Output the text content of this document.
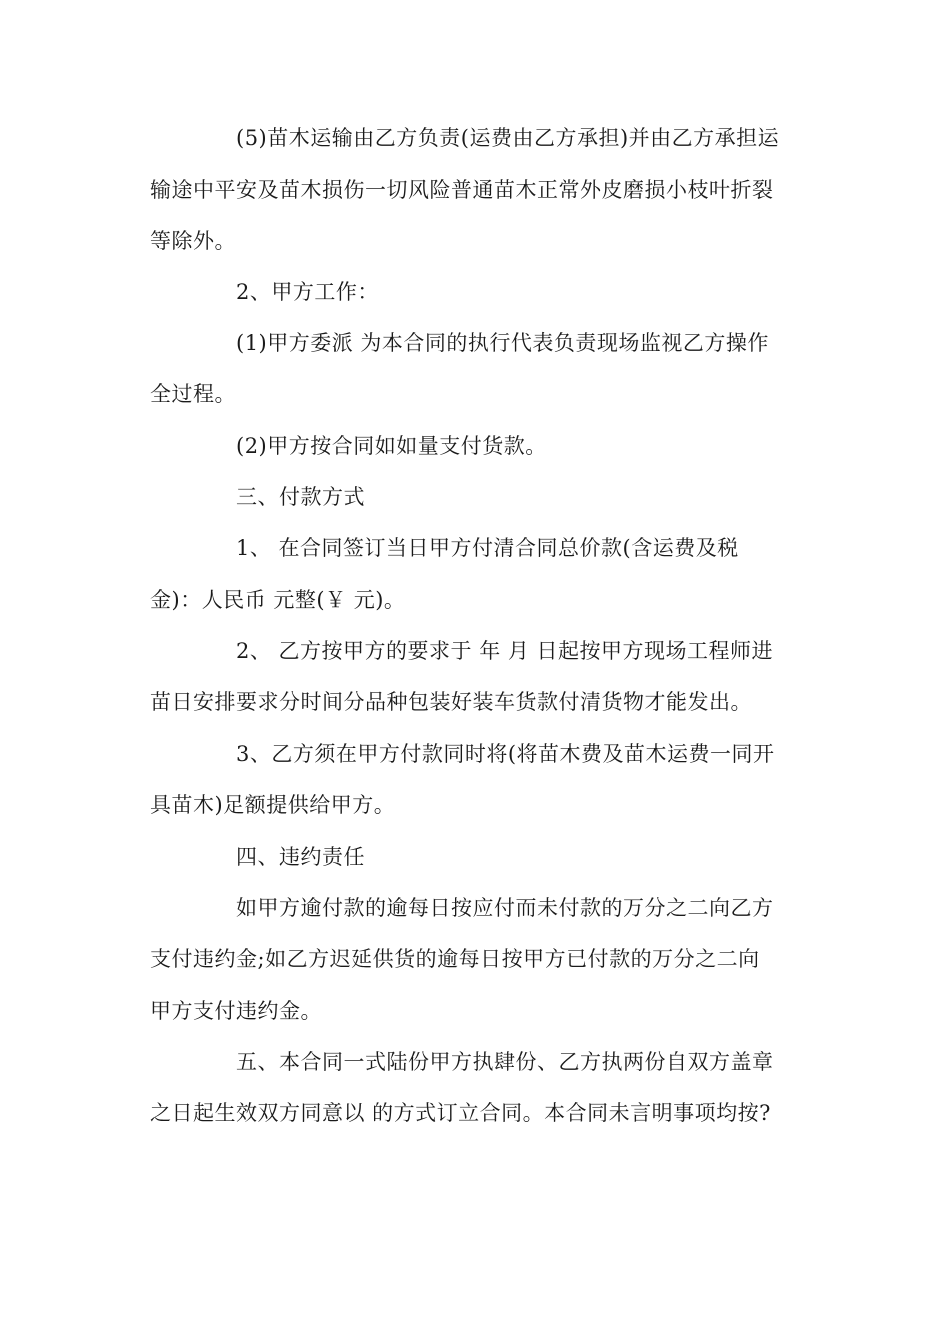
(5)苗木运输由乙方负责(运费由乙方承担)并由乙方承担运
输途中平安及苗木损伤一切风险普通苗木正常外皮磨损小枝叶折裂
等除外。
2、甲方工作：
(1)甲方委派 为本合同的执行代表负责现场监视乙方操作
全过程。
(2)甲方按合同如如量支付货款。
三、付款方式
1、 在合同签订当日甲方付清合同总价款(含运费及税
金)：人民币 元整(￥ 元)。
2、 乙方按甲方的要求于 年 月 日起按甲方现场工程师进
苗日安排要求分时间分品种包装好装车货款付清货物才能发出。
3、乙方须在甲方付款同时将(将苗木费及苗木运费一同开
具苗木)足额提供给甲方。
四、违约责任
如甲方逾付款的逾每日按应付而未付款的万分之二向乙方
支付违约金;如乙方迟延供货的逾每日按甲方已付款的万分之二向
甲方支付违约金。
五、本合同一式陆份甲方执肆份、乙方执两份自双方盖章
之日起生效双方同意以 的方式订立合同。本合同未言明事项均按?
